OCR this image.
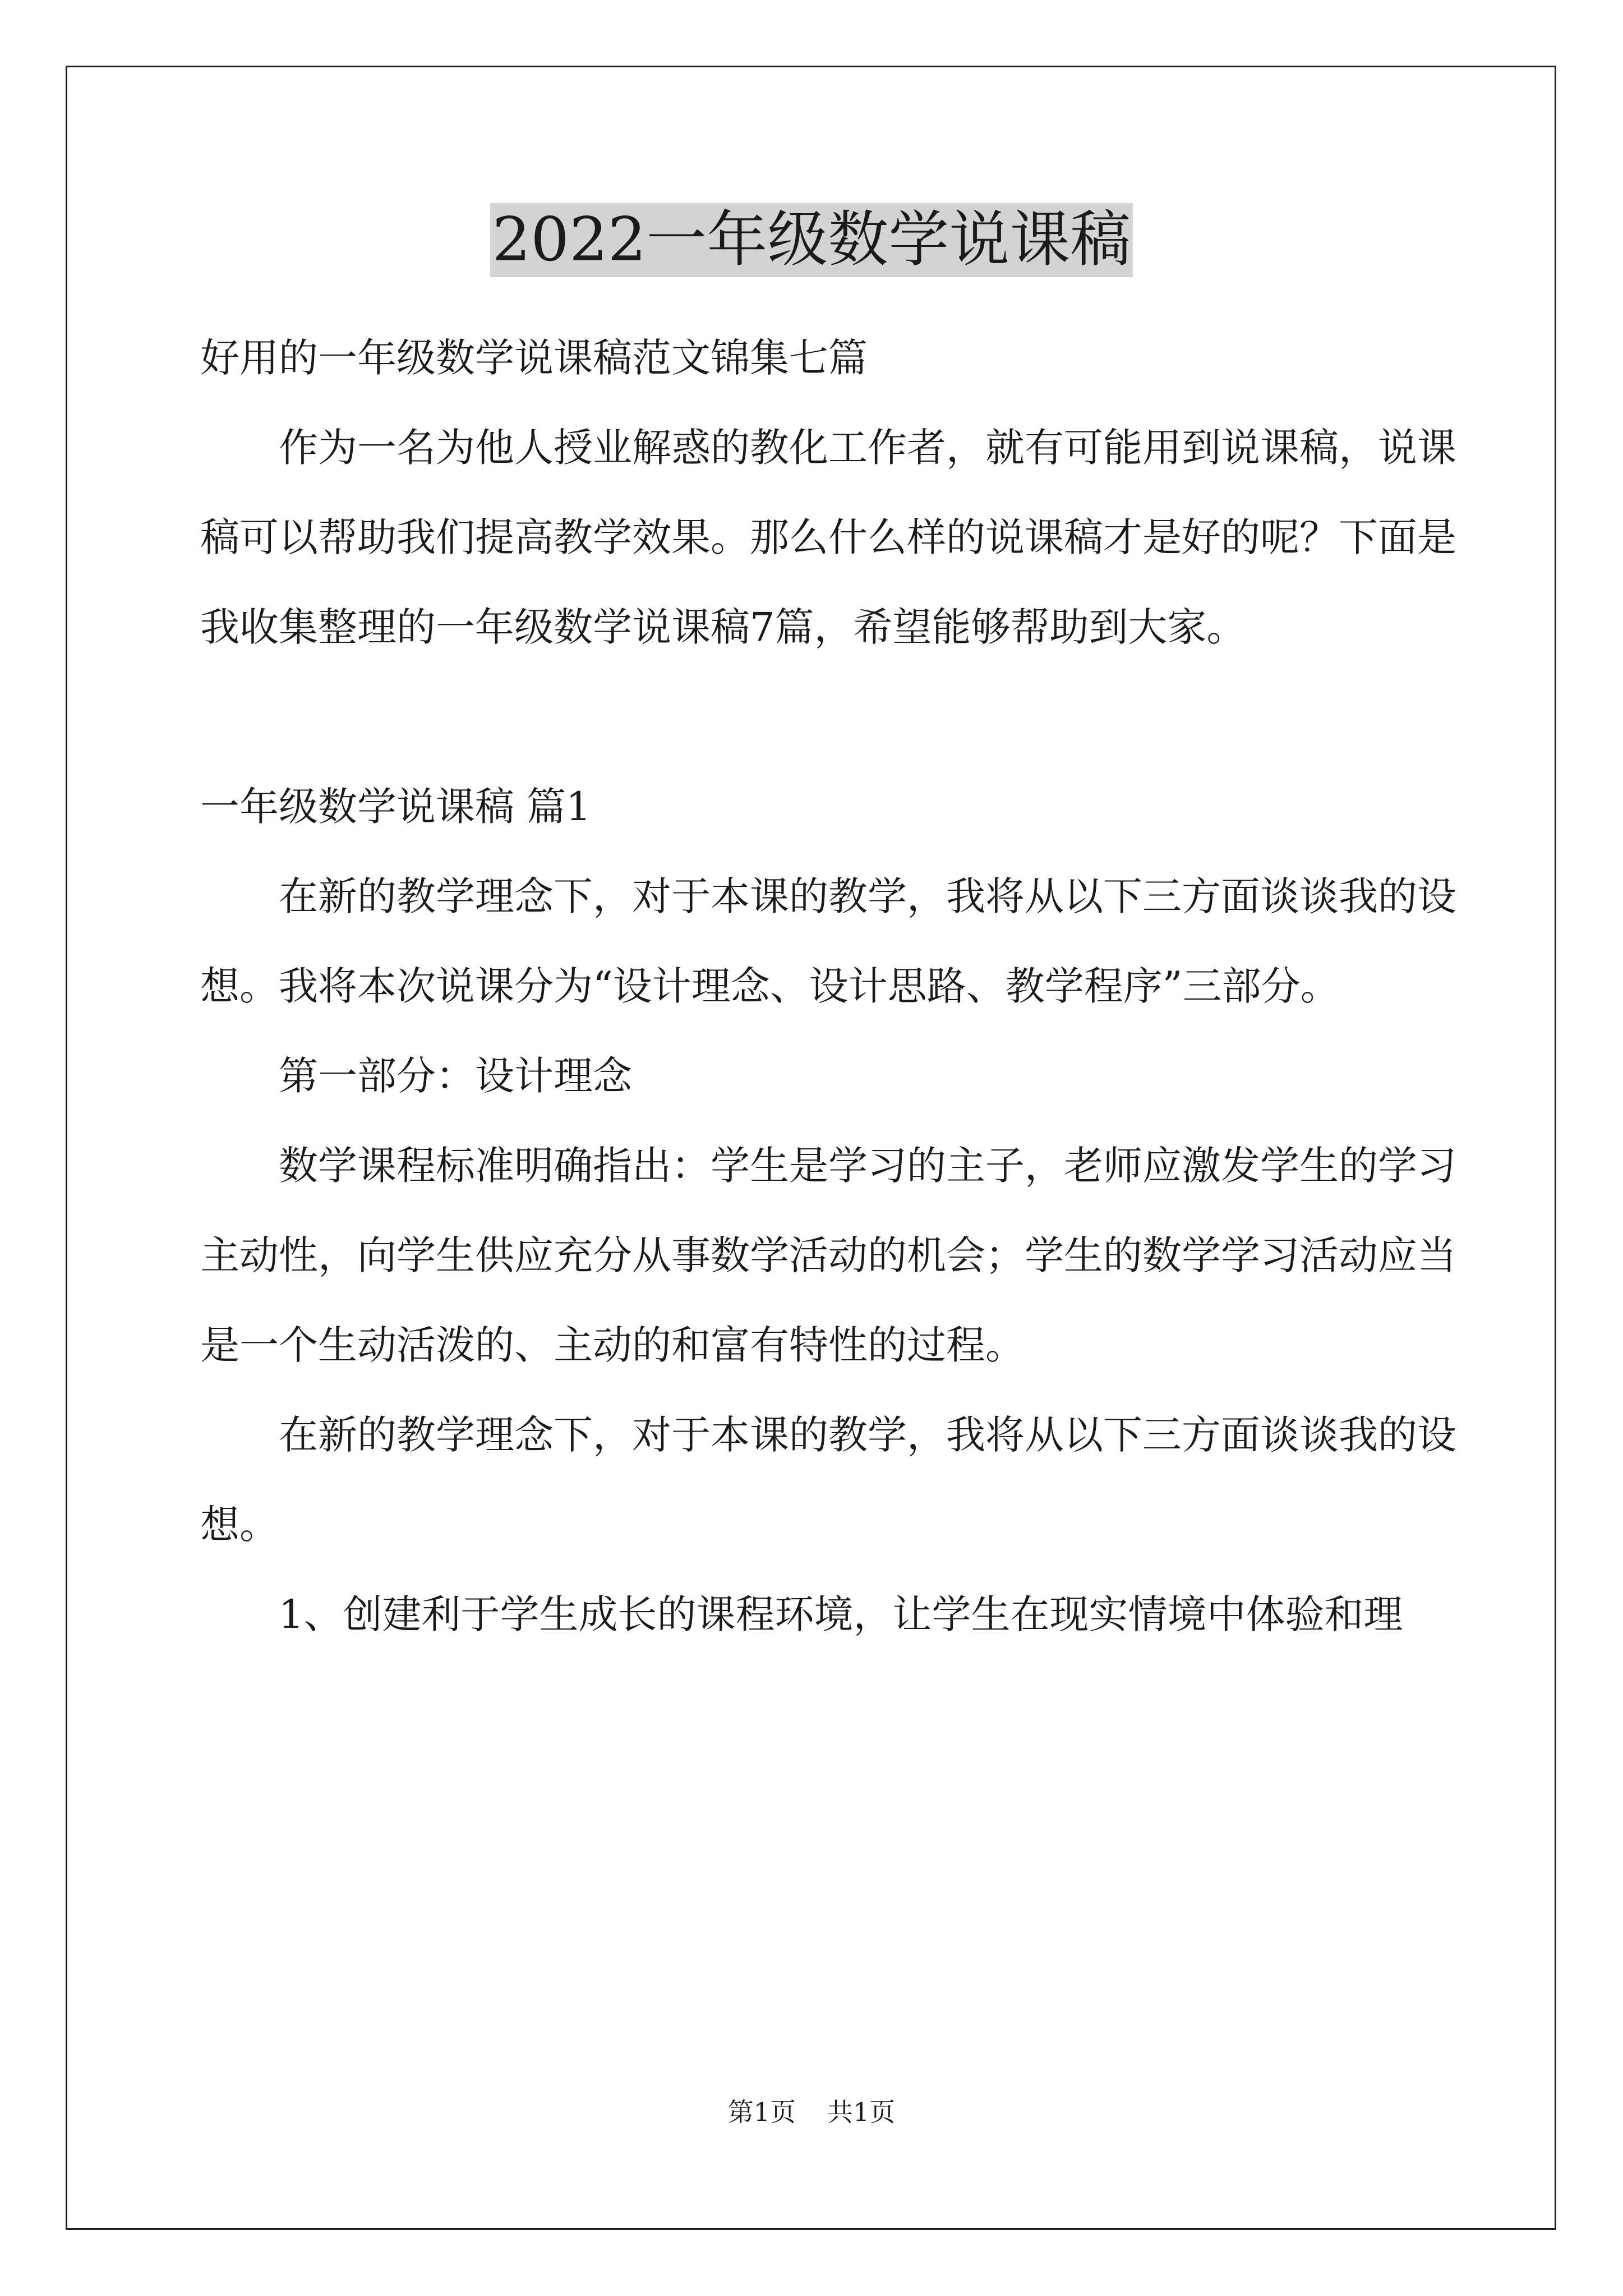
2022一年级数学说课稿

好用的一年级数学说课稿范文锦集七篇

作为一名为他人授业解惑的教化工作者，就有可能用到说课稿，说课稿可以帮助我们提高教学效果。那么什么样的说课稿才是好的呢？下面是我收集整理的一年级数学说课稿7篇，希望能够帮助到大家。

一年级数学说课稿 篇1

在新的教学理念下，对于本课的教学，我将从以下三方面谈谈我的设想。我将本次说课分为“设计理念、设计思路、教学程序”三部分。

第一部分：设计理念

数学课程标准明确指出：学生是学习的主子，老师应激发学生的学习主动性，向学生供应充分从事数学活动的机会；学生的数学学习活动应当是一个生动活泼的、主动的和富有特性的过程。

在新的教学理念下，对于本课的教学，我将从以下三方面谈谈我的设想。

1、创建利于学生成长的课程环境，让学生在现实情境中体验和理

第1页 共1页
